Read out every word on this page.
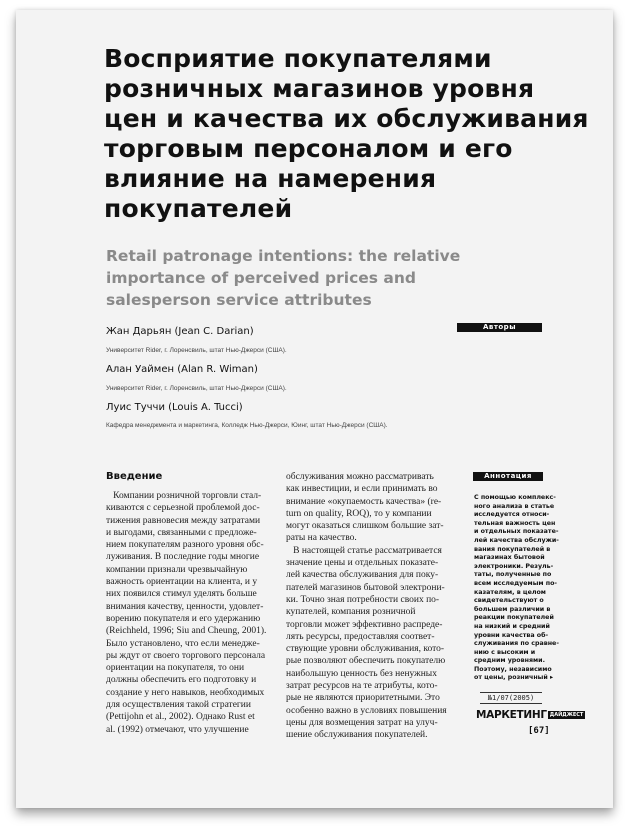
Восприятие покупателями
розничных магазинов уровня
цен и качества их обслуживания
торговым персоналом и его
влияние на намерения
покупателей
Retail patronage intentions: the relative
importance of perceived prices and
salesperson service attributes
Авторы
Жан Дарьян (Jean C. Darian)
Университет Rider, г. Лоренсвиль, штат Нью-Джерси (США).
Алан Уаймен (Alan R. Wiman)
Университет Rider, г. Лоренсвиль, штат Нью-Джерси (США).
Луис Туччи (Louis A. Tucci)
Кафедра менеджмента и маркетинга, Колледж Нью-Джерси, Юинг, штат Нью-Джерси (США).
Введение
Компании розничной торговли стал-
киваются с серьезной проблемой дос-
тижения равновесия между затратами
и выгодами, связанными с предложе-
нием покупателям разного уровня обс-
луживания. В последние годы многие
компании признали чрезвычайную
важность ориентации на клиента, и у
них появился стимул уделять больше
внимания качеству, ценности, удовлет-
ворению покупателя и его удержанию
(Reichheld, 1996; Siu and Cheung, 2001).
Было установлено, что если менедже-
ры ждут от своего торгового персонала
ориентации на покупателя, то они
должны обеспечить его подготовку и
создание у него навыков, необходимых
для осуществления такой стратегии
(Pettijohn et al., 2002). Однако Rust et
al. (1992) отмечают, что улучшение
обслуживания можно рассматривать
как инвестиции, и если принимать во
внимание «окупаемость качества» (re-
turn on quality, ROQ), то у компании
могут оказаться слишком большие зат-
раты на качество.
В настоящей статье рассматривается
значение цены и отдельных показате-
лей качества обслуживания для поку-
пателей магазинов бытовой электрони-
ки. Точно зная потребности своих по-
купателей, компания розничной
торговли может эффективно распреде-
лять ресурсы, предоставляя соответ-
ствующие уровни обслуживания, кото-
рые позволяют обеспечить покупателю
наибольшую ценность без ненужных
затрат ресурсов на те атрибуты, кото-
рые не являются приоритетными. Это
особенно важно в условиях повышения
цены для возмещения затрат на улуч-
шение обслуживания покупателей.
Аннотация
С помощью комплекс-
ного анализа в статье
исследуется относи-
тельная важность цен
и отдельных показате-
лей качества обслужи-
вания покупателей в
магазинах бытовой
электроники. Резуль-
таты, полученные по
всем исследуемым по-
казателям, в целом
свидетельствуют о
большем различии в
реакции покупателей
на низкий и средний
уровни качества об-
служивания по сравне-
нию с высоким и
средним уровнями.
Поэтому, независимо
от цены, розничный ▸
№1/07(2005)
МАРКЕТИНГ ДАЙДЖЕСТ
[67]
